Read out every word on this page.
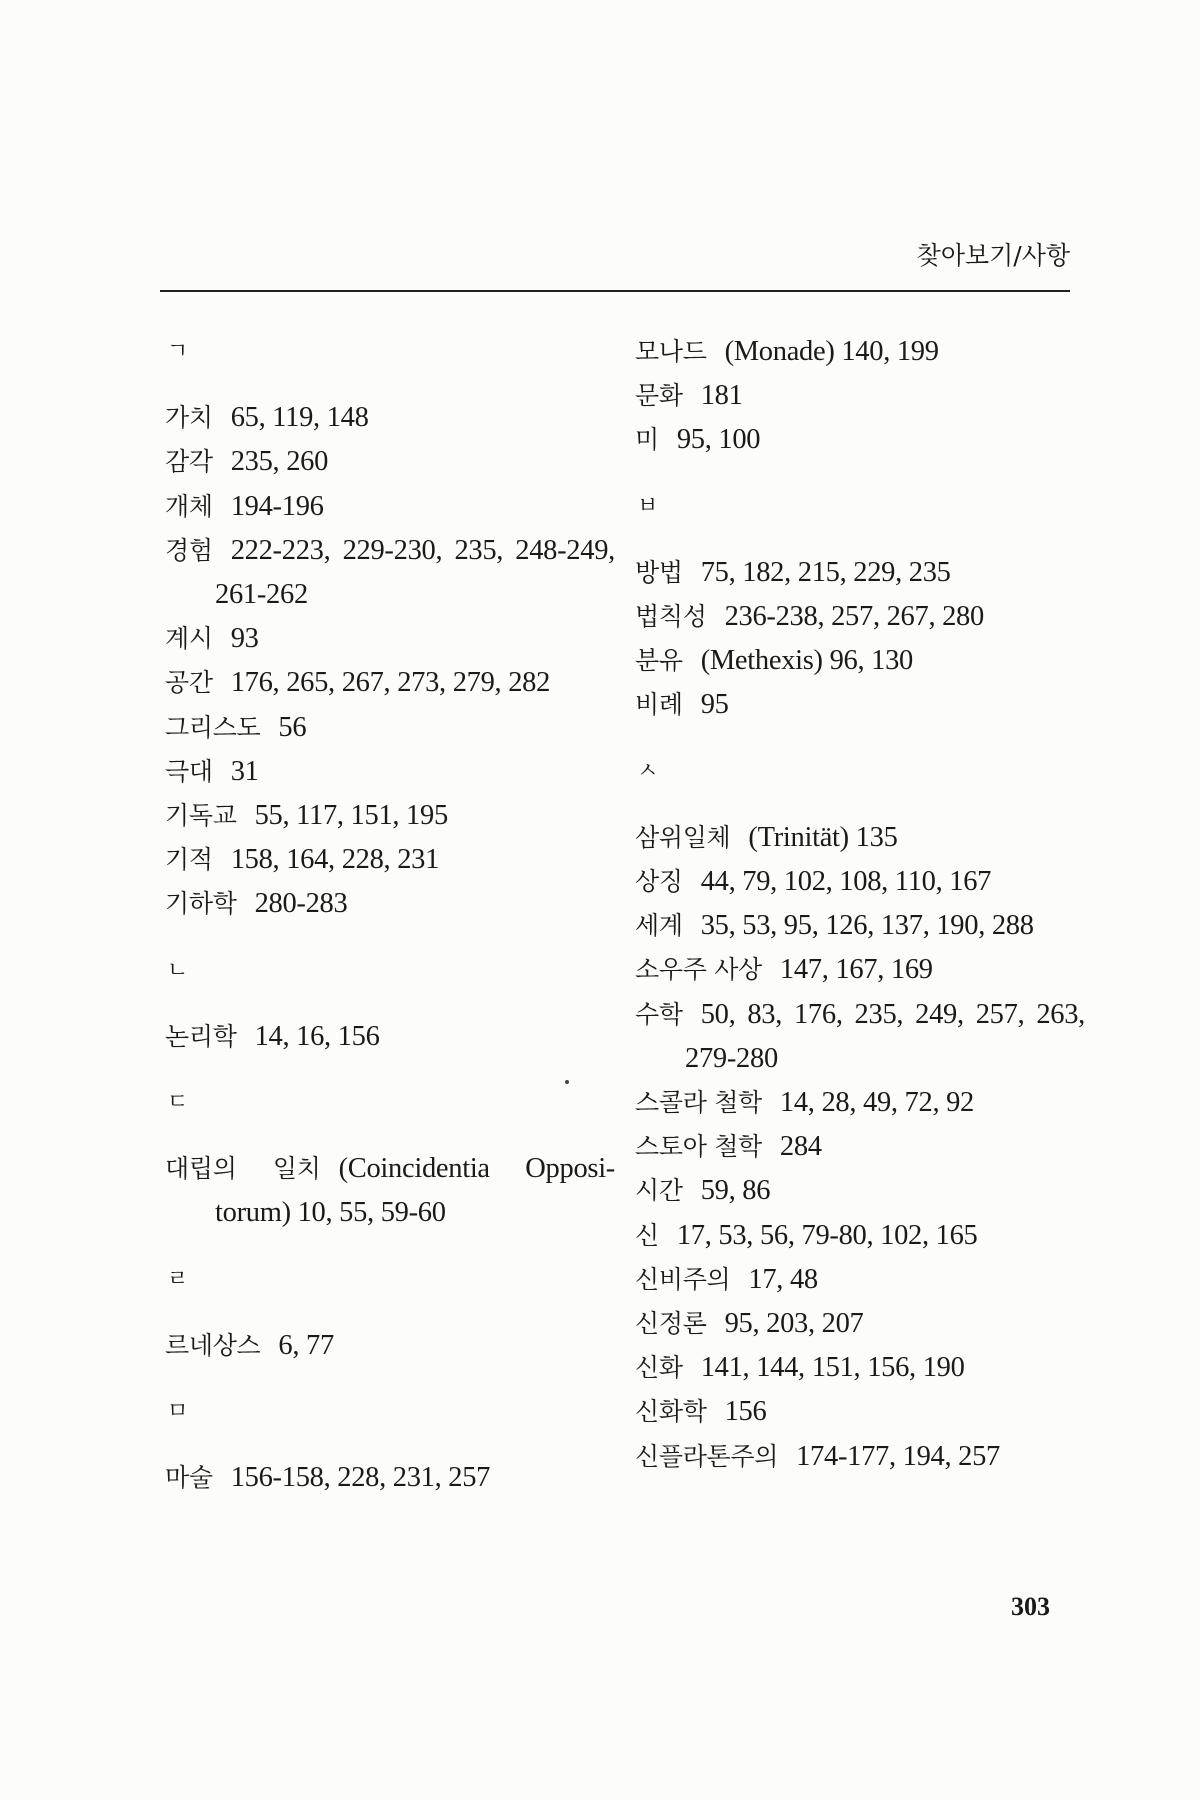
찾아보기/사항
ㄱ
가치 65, 119, 148
감각 235, 260
개체 194-196
경험 222-223, 229-230, 235, 248-249, 261-262
계시 93
공간 176, 265, 267, 273, 279, 282
그리스도 56
극대 31
기독교 55, 117, 151, 195
기적 158, 164, 228, 231
기하학 280-283
ㄴ
논리학 14, 16, 156
ㄷ
대립의 일치 (Coincidentia Opposi-torum) 10, 55, 59-60
ㄹ
르네상스 6, 77
ㅁ
마술 156-158, 228, 231, 257
모나드 (Monade) 140, 199
문화 181
미 95, 100
ㅂ
방법 75, 182, 215, 229, 235
법칙성 236-238, 257, 267, 280
분유 (Methexis) 96, 130
비례 95
ㅅ
삼위일체 (Trinität) 135
상징 44, 79, 102, 108, 110, 167
세계 35, 53, 95, 126, 137, 190, 288
소우주 사상 147, 167, 169
수학 50, 83, 176, 235, 249, 257, 263, 279-280
스콜라 철학 14, 28, 49, 72, 92
스토아 철학 284
시간 59, 86
신 17, 53, 56, 79-80, 102, 165
신비주의 17, 48
신정론 95, 203, 207
신화 141, 144, 151, 156, 190
신화학 156
신플라톤주의 174-177, 194, 257
303
